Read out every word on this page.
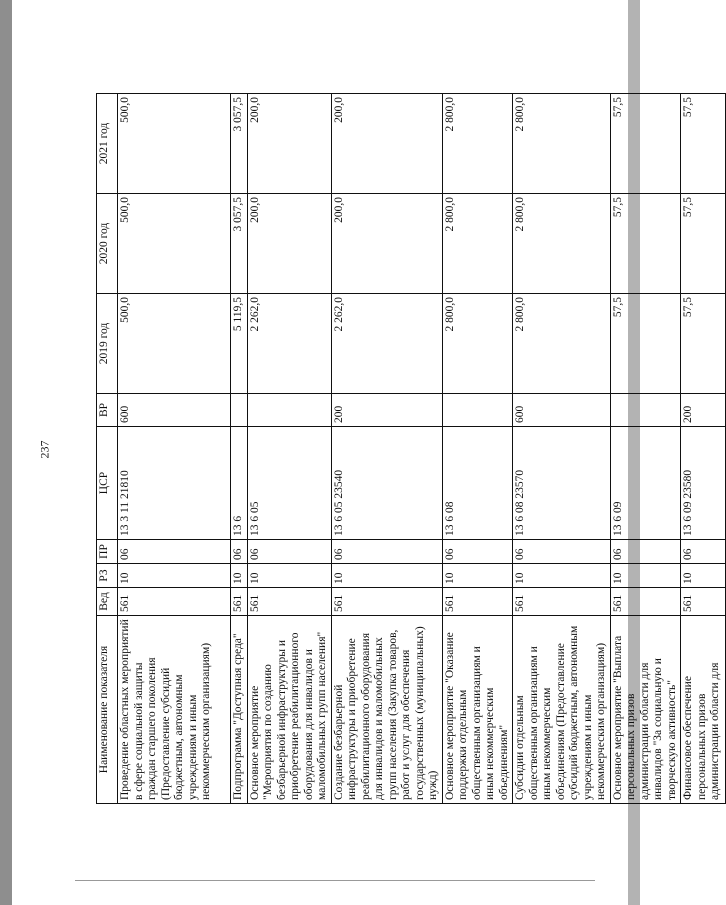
237
Наименование показателя	Вед	РЗ	ПР	ЦСР	ВР	2019 год	2020 год	2021 год
Проведение областных мероприятий в сфере социальной защиты граждан старшего поколения (Предоставление субсидий бюджетным, автономным учреждениям и иным некоммерческим организациям)	561	10	06	13 3 11 21810	600	500,0	500,0	500,0
Подпрограмма "Доступная среда"	561	10	06	13 6		5 119,5	3 057,5	3 057,5
Основное мероприятие "Мероприятия по созданию безбарьерной инфраструктуры и приобретение реабилитационного оборудования для инвалидов и маломобильных групп населения"	561	10	06	13 6 05		2 262,0	200,0	200,0
Создание безбарьерной инфраструктуры и приобретение реабилитационного оборудования для инвалидов и маломобильных групп населения (Закупка товаров, работ и услуг для обеспечения государственных (муниципальных) нужд)	561	10	06	13 6 05 23540	200	2 262,0	200,0	200,0
Основное мероприятие "Оказание поддержки отдельным общественным организациям и иным некоммерческим объединениям"	561	10	06	13 6 08		2 800,0	2 800,0	2 800,0
Субсидии отдельным общественным организациям и иным некоммерческим объединениям (Предоставление субсидий бюджетным, автономным учреждениям и иным некоммерческим организациям)	561	10	06	13 6 08 23570	600	2 800,0	2 800,0	2 800,0
Основное мероприятие "Выплата персональных призов администрации области для инвалидов "За социальную и творческую активность"	561	10	06	13 6 09		57,5	57,5	57,5
Финансовое обеспечение персональных призов администрации области для	561	10	06	13 6 09 23580	200	57,5	57,5	57,5
